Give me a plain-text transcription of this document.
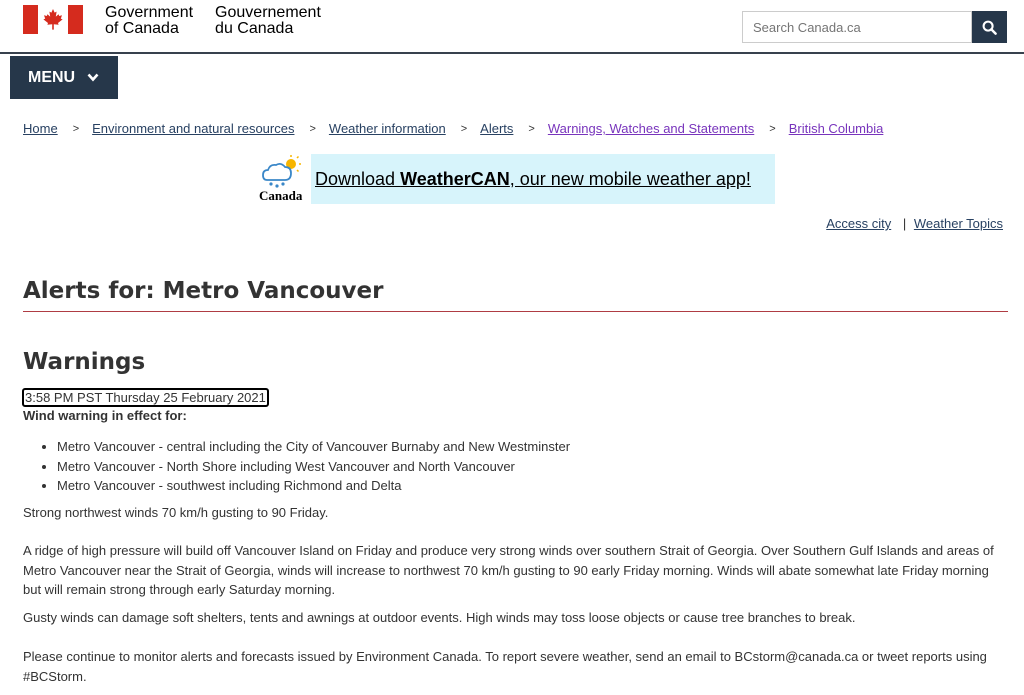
Government
of Canada
Gouvernement
du Canada
Search Canada.ca
MENU
Home > Environment and natural resources > Weather information > Alerts > Warnings, Watches and Statements > British Columbia
Canada
Download WeatherCAN, our new mobile weather app!
Access city | Weather Topics
Alerts for: Metro Vancouver
Warnings
3:58 PM PST Thursday 25 February 2021
Wind warning in effect for:
• Metro Vancouver - central including the City of Vancouver Burnaby and New Westminster
• Metro Vancouver - North Shore including West Vancouver and North Vancouver
• Metro Vancouver - southwest including Richmond and Delta

Strong northwest winds 70 km/h gusting to 90 Friday.

A ridge of high pressure will build off Vancouver Island on Friday and produce very strong winds over southern Strait of Georgia. Over Southern Gulf Islands and areas of Metro Vancouver near the Strait of Georgia, winds will increase to northwest 70 km/h gusting to 90 early Friday morning. Winds will abate somewhat late Friday morning but will remain strong through early Saturday morning.

Gusty winds can damage soft shelters, tents and awnings at outdoor events. High winds may toss loose objects or cause tree branches to break.

Please continue to monitor alerts and forecasts issued by Environment Canada. To report severe weather, send an email to BCstorm@canada.ca or tweet reports using #BCStorm.
